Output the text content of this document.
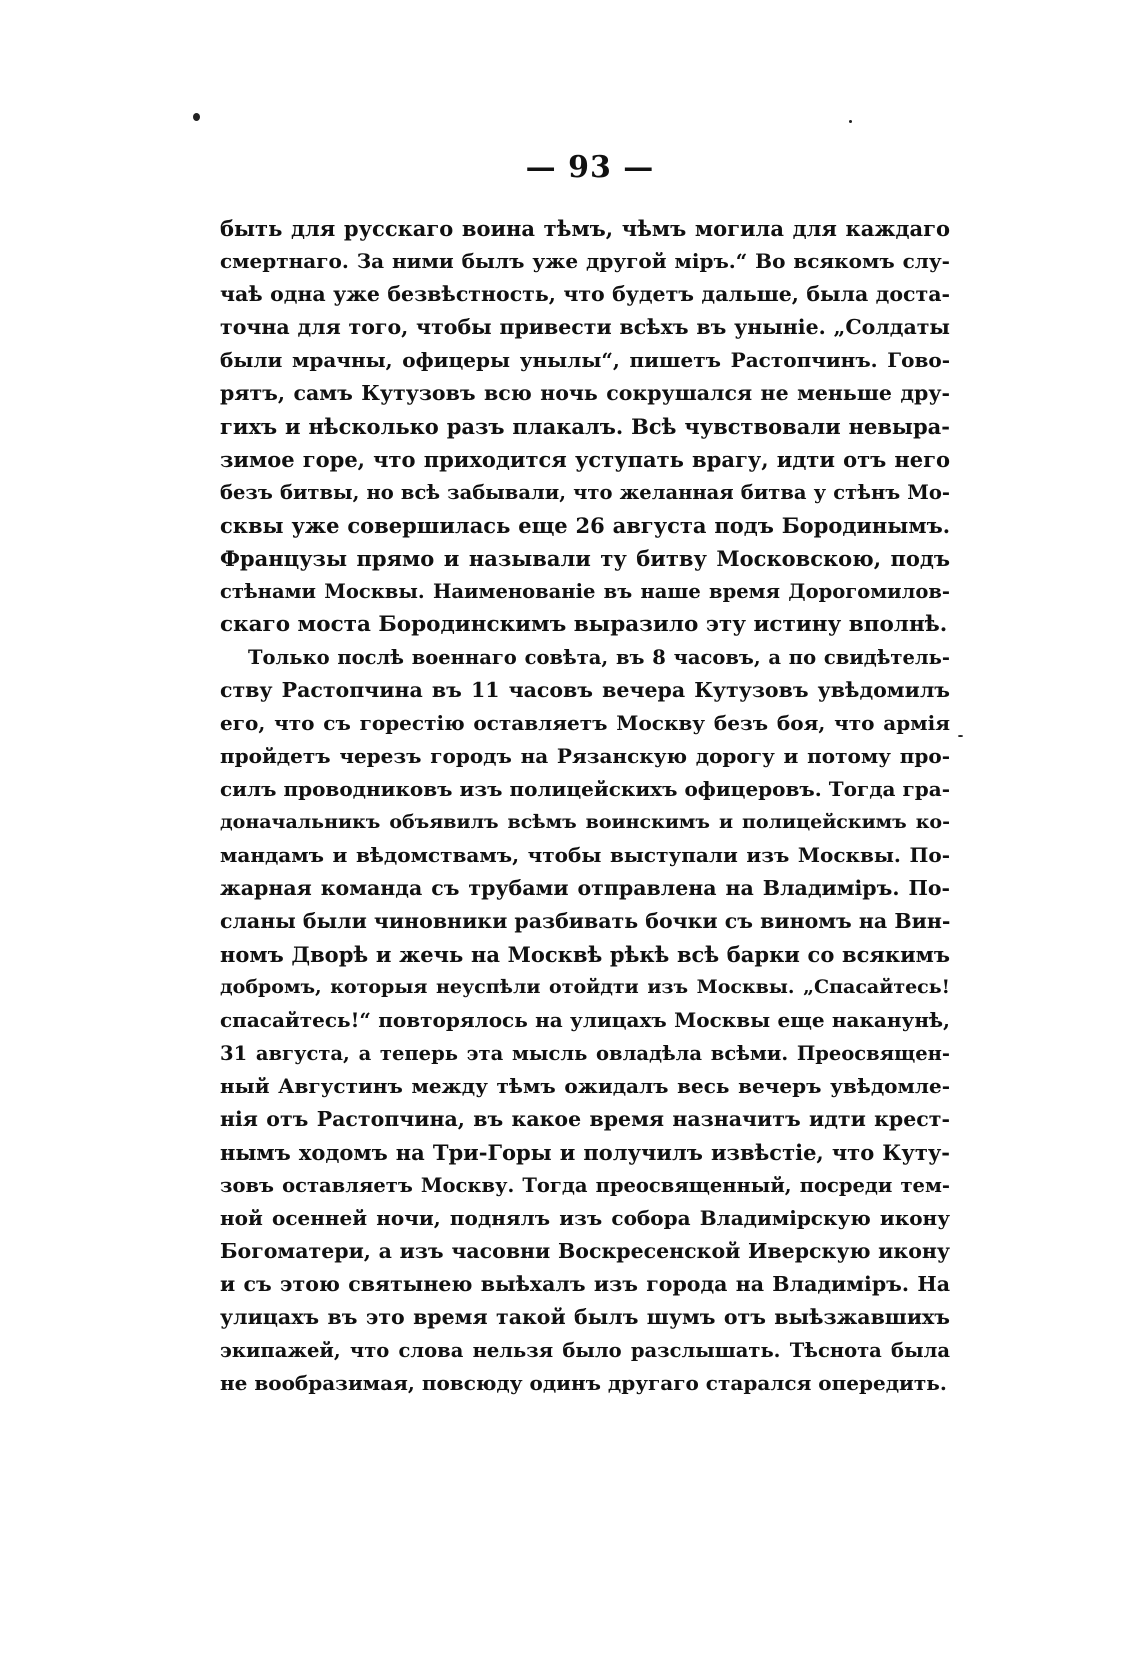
— 93 —
быть для русскаго воина тѣмъ, чѣмъ могила для каждаго
смертнаго. За ними былъ уже другой міръ.“ Во всякомъ слу-
чаѣ одна уже безвѣстность, что будетъ дальше, была доста-
точна для того, чтобы привести всѣхъ въ уныніе. „Солдаты
были мрачны, офицеры унылы“, пишетъ Растопчинъ. Гово-
рятъ, самъ Кутузовъ всю ночь сокрушался не меньше дру-
гихъ и нѣсколько разъ плакалъ. Всѣ чувствовали невыра-
зимое горе, что приходится уступать врагу, идти отъ него
безъ битвы, но всѣ забывали, что желанная битва у стѣнъ Мо-
сквы уже совершилась еще 26 августа подъ Бородинымъ.
Французы прямо и называли ту битву Московскою, подъ
стѣнами Москвы. Наименованіе въ наше время Дорогомилов-
скаго моста Бородинскимъ выразило эту истину вполнѣ.
Только послѣ военнаго совѣта, въ 8 часовъ, а по свидѣтель-
ству Растопчина въ 11 часовъ вечера Кутузовъ увѣдомилъ
его, что съ горестію оставляетъ Москву безъ боя, что армія
пройдетъ черезъ городъ на Рязанскую дорогу и потому про-
силъ проводниковъ изъ полицейскихъ офицеровъ. Тогда гра-
доначальникъ объявилъ всѣмъ воинскимъ и полицейскимъ ко-
мандамъ и вѣдомствамъ, чтобы выступали изъ Москвы. По-
жарная команда съ трубами отправлена на Владиміръ. По-
сланы были чиновники разбивать бочки съ виномъ на Вин-
номъ Дворѣ и жечь на Москвѣ рѣкѣ всѣ барки со всякимъ
добромъ, которыя неуспѣли отойдти изъ Москвы. „Спасайтесь!
спасайтесь!“ повторялось на улицахъ Москвы еще наканунѣ,
31 августа, а теперь эта мысль овладѣла всѣми. Преосвящен-
ный Августинъ между тѣмъ ожидалъ весь вечеръ увѣдомле-
нія отъ Растопчина, въ какое время назначитъ идти крест-
нымъ ходомъ на Три-Горы и получилъ извѣстіе, что Куту-
зовъ оставляетъ Москву. Тогда преосвященный, посреди тем-
ной осенней ночи, поднялъ изъ собора Владимірскую икону
Богоматери, а изъ часовни Воскресенской Иверскую икону
и съ этою святынею выѣхалъ изъ города на Владиміръ. На
улицахъ въ это время такой былъ шумъ отъ выѣзжавшихъ
экипажей, что слова нельзя было разслышать. Тѣснота была
не вообразимая, повсюду одинъ другаго старался опередить.
